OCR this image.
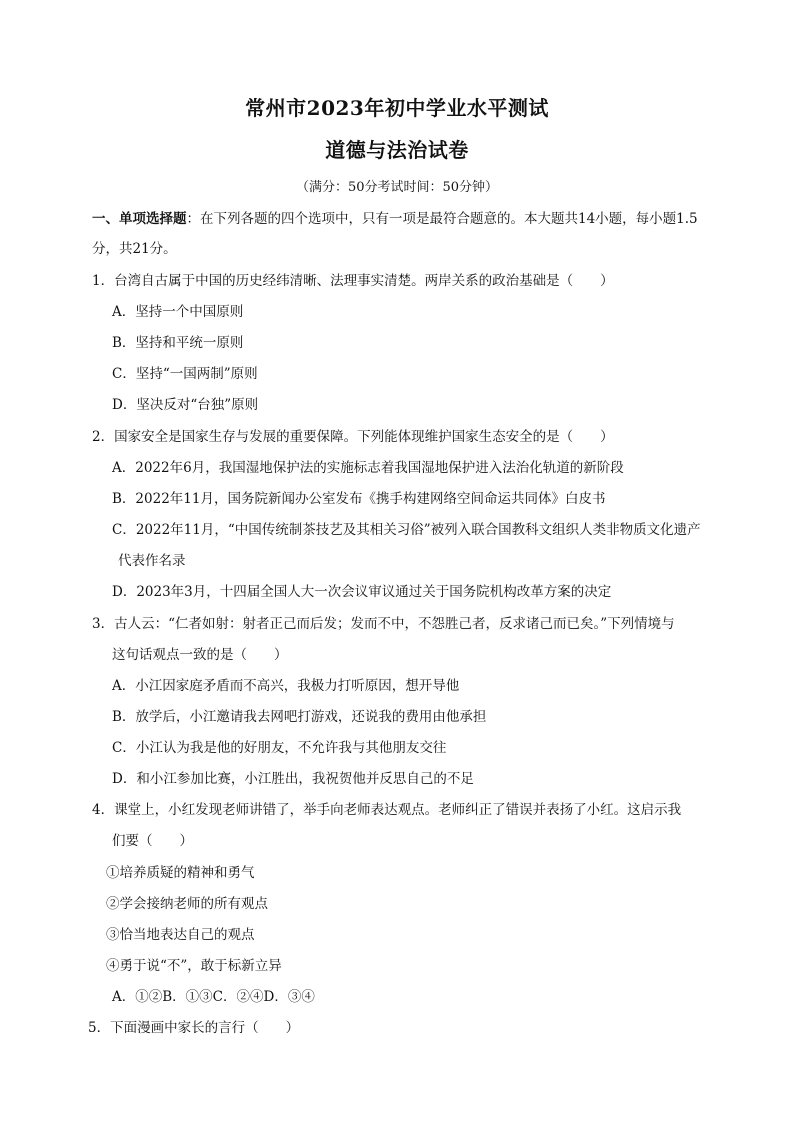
常州市2023年初中学业水平测试
道德与法治试卷
（满分：50分考试时间：50分钟）
一、单项选择题：在下列各题的四个选项中，只有一项是最符合题意的。本大题共14小题，每小题1.5
分，共21分。
1．台湾自古属于中国的历史经纬清晰、法理事实清楚。两岸关系的政治基础是（　　）
A．坚持一个中国原则
B．坚持和平统一原则
C．坚持“一国两制”原则
D．坚决反对“台独”原则
2．国家安全是国家生存与发展的重要保障。下列能体现维护国家生态安全的是（　　）
A．2022年6月，我国湿地保护法的实施标志着我国湿地保护进入法治化轨道的新阶段
B．2022年11月，国务院新闻办公室发布《携手构建网络空间命运共同体》白皮书
C．2022年11月，“中国传统制茶技艺及其相关习俗”被列入联合国教科文组织人类非物质文化遗产
代表作名录
D．2023年3月，十四届全国人大一次会议审议通过关于国务院机构改革方案的决定
3．古人云：“仁者如射：射者正己而后发；发而不中，不怨胜己者，反求诸己而已矣。”下列情境与
这句话观点一致的是（　　）
A．小江因家庭矛盾而不高兴，我极力打听原因，想开导他
B．放学后，小江邀请我去网吧打游戏，还说我的费用由他承担
C．小江认为我是他的好朋友，不允许我与其他朋友交往
D．和小江参加比赛，小江胜出，我祝贺他并反思自己的不足
4．课堂上，小红发现老师讲错了，举手向老师表达观点。老师纠正了错误并表扬了小红。这启示我
们要（　　）
①培养质疑的精神和勇气
②学会接纳老师的所有观点
③恰当地表达自己的观点
④勇于说“不”，敢于标新立异
A．①②B．①③C．②④D．③④
5．下面漫画中家长的言行（　　）
